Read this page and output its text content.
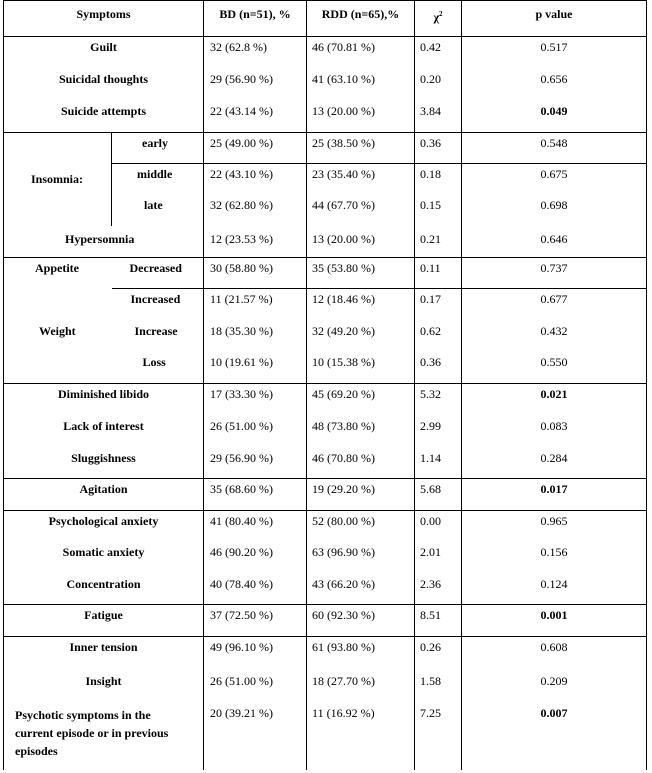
Symptoms		BD (n=51), %	RDD (n=65),%	$\chi^2$	p value
Guilt		32 (62.8 %)	46 (70.81 %)	0.42	0.517
Suicidal thoughts		29 (56.90 %)	41 (63.10 %)	0.20	0.656
Suicide attempts		22 (43.14 %)	13 (20.00 %)	3.84	0.049
Insomnia:	early	25 (49.00 %)	25 (38.50 %)	0.36	0.548
	middle	22 (43.10 %)	23 (35.40 %)	0.18	0.675
	late	32 (62.80 %)	44 (67.70 %)	0.15	0.698
Hypersomnia		12 (23.53 %)	13 (20.00 %)	0.21	0.646
Appetite	Decreased	30 (58.80 %)	35 (53.80 %)	0.11	0.737
	Increased	11 (21.57 %)	12 (18.46 %)	0.17	0.677
Weight	Increase	18 (35.30 %)	32 (49.20 %)	0.62	0.432
	Loss	10 (19.61 %)	10 (15.38 %)	0.36	0.550
Diminished libido		17 (33.30 %)	45 (69.20 %)	5.32	0.021
Lack of interest		26 (51.00 %)	48 (73.80 %)	2.99	0.083
Sluggishness		29 (56.90 %)	46 (70.80 %)	1.14	0.284
Agitation		35 (68.60 %)	19 (29.20 %)	5.68	0.017
Psychological anxiety		41 (80.40 %)	52 (80.00 %)	0.00	0.965
Somatic anxiety		46 (90.20 %)	63 (96.90 %)	2.01	0.156
Concentration		40 (78.40 %)	43 (66.20 %)	2.36	0.124
Fatigue		37 (72.50 %)	60 (92.30 %)	8.51	0.001
Inner tension		49 (96.10 %)	61 (93.80 %)	0.26	0.608
Insight		26 (51.00 %)	18 (27.70 %)	1.58	0.209
Psychotic symptoms in the current episode or in previous episodes		20 (39.21 %)	11 (16.92 %)	7.25	0.007
